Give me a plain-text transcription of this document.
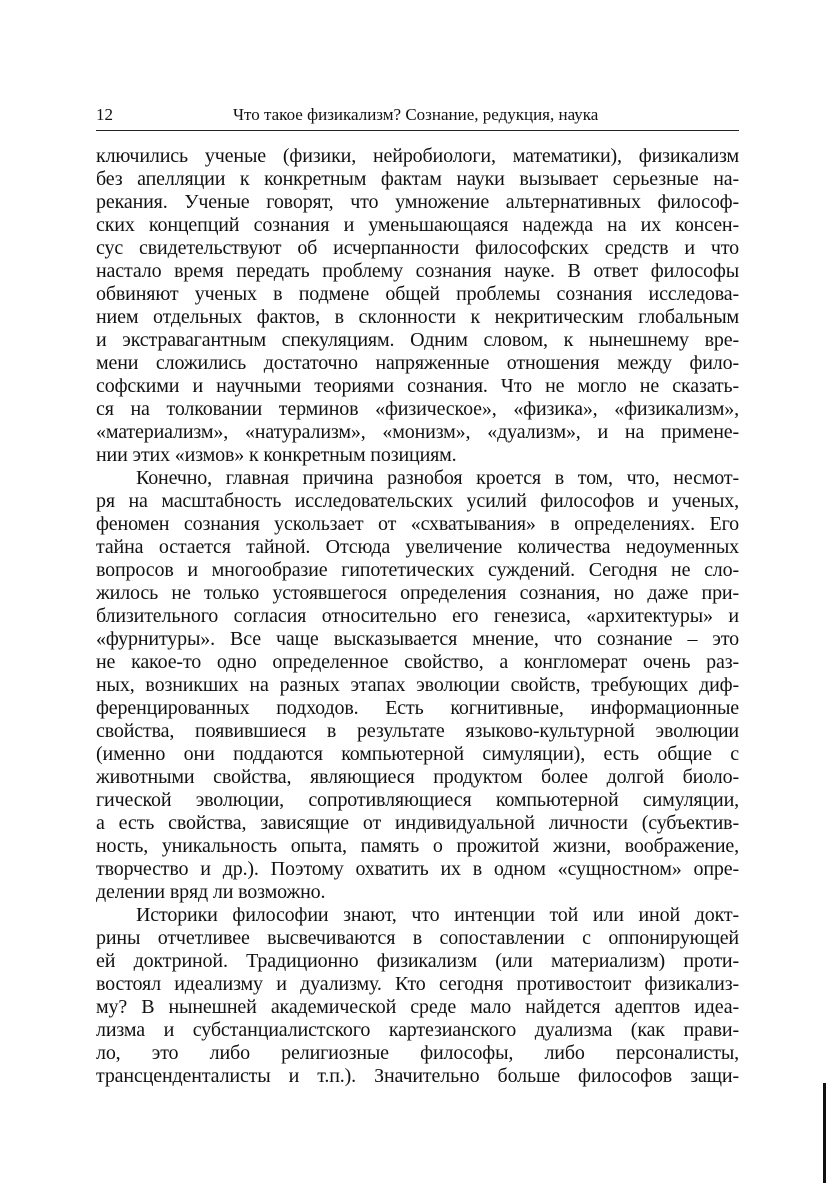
12	Что такое физикализм? Сознание, редукция, наука
ключились ученые (физики, нейробиологи, математики), физикализм
без апелляции к конкретным фактам науки вызывает серьезные на-
рекания. Ученые говорят, что умножение альтернативных философ-
ских концепций сознания и уменьшающаяся надежда на их консен-
сус свидетельствуют об исчерпанности философских средств и что
настало время передать проблему сознания науке. В ответ философы
обвиняют ученых в подмене общей проблемы сознания исследова-
нием отдельных фактов, в склонности к некритическим глобальным
и экстравагантным спекуляциям. Одним словом, к нынешнему вре-
мени сложились достаточно напряженные отношения между фило-
софскими и научными теориями сознания. Что не могло не сказать-
ся на толковании терминов «физическое», «физика», «физикализм»,
«материализм», «натурализм», «монизм», «дуализм», и на примене-
нии этих «измов» к конкретным позициям.
Конечно, главная причина разнобоя кроется в том, что, несмот-
ря на масштабность исследовательских усилий философов и ученых,
феномен сознания ускользает от «схватывания» в определениях. Его
тайна остается тайной. Отсюда увеличение количества недоуменных
вопросов и многообразие гипотетических суждений. Сегодня не сло-
жилось не только устоявшегося определения сознания, но даже при-
близительного согласия относительно его генезиса, «архитектуры» и
«фурнитуры». Все чаще высказывается мнение, что сознание – это
не какое-то одно определенное свойство, а конгломерат очень раз-
ных, возникших на разных этапах эволюции свойств, требующих диф-
ференцированных подходов. Есть когнитивные, информационные
свойства, появившиеся в результате языково-культурной эволюции
(именно они поддаются компьютерной симуляции), есть общие с
животными свойства, являющиеся продуктом более долгой биоло-
гической эволюции, сопротивляющиеся компьютерной симуляции,
а есть свойства, зависящие от индивидуальной личности (субъектив-
ность, уникальность опыта, память о прожитой жизни, воображение,
творчество и др.). Поэтому охватить их в одном «сущностном» опре-
делении вряд ли возможно.
Историки философии знают, что интенции той или иной докт-
рины отчетливее высвечиваются в сопоставлении с оппонирующей
ей доктриной. Традиционно физикализм (или материализм) проти-
востоял идеализму и дуализму. Кто сегодня противостоит физикализ-
му? В нынешней академической среде мало найдется адептов идеа-
лизма и субстанциалистского картезианского дуализма (как прави-
ло, это либо религиозные философы, либо персоналисты,
трансценденталисты и т.п.). Значительно больше философов защи-
